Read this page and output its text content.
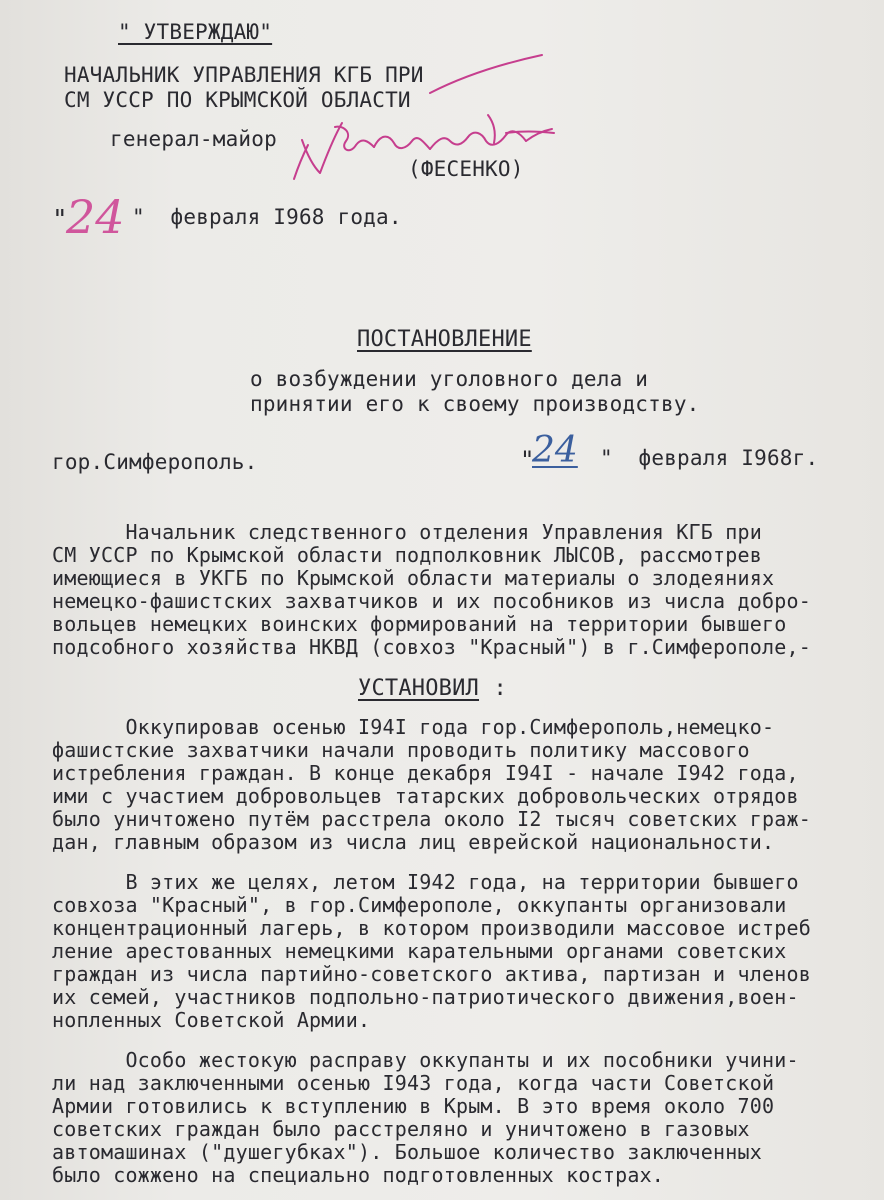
" УТВЕРЖДАЮ"
НАЧАЛЬНИК УПРАВЛЕНИЯ КГБ ПРИ
СМ УССР ПО КРЫМСКОЙ ОБЛАСТИ
генерал-майор
(ФЕСЕНКО)
"
24 "  февраля I968 года.
ПОСТАНОВЛЕНИЕ
о возбуждении уголовного дела и
принятии его к своему производству.
гор.Симферополь.	"
24 "  февраля I968г.
Начальник следственного отделения Управления КГБ при
СМ УССР по Крымской области подполковник ЛЫСОВ, рассмотрев
имеющиеся в УКГБ по Крымской области материалы о злодеяниях
немецко-фашистских захватчиков и их пособников из числа добро-
вольцев немецких воинских формирований на территории бывшего
подсобного хозяйства НКВД (совхоз "Красный") в г.Симферополе,-
УСТАНОВИЛ :
Оккупировав осенью I94I года гор.Симферополь,немецко-
фашистские захватчики начали проводить политику массового
истребления граждан. В конце декабря I94I - начале I942 года,
ими с участием добровольцев татарских добровольческих отрядов
было уничтожено путём расстрела около I2 тысяч советских граж-
дан, главным образом из числа лиц еврейской национальности.
В этих же целях, летом I942 года, на территории бывшего
совхоза "Красный", в гор.Симферополе, оккупанты организовали
концентрационный лагерь, в котором производили массовое истреб
ление арестованных немецкими карательными органами советских
граждан из числа партийно-советского актива, партизан и членов
их семей, участников подпольно-патриотического движения,воен-
нопленных Советской Армии.
Особо жестокую расправу оккупанты и их пособники учини-
ли над заключенными осенью I943 года, когда части Советской
Армии готовились к вступлению в Крым. В это время около 700
советских граждан было расстреляно и уничтожено в газовых
автомашинах ("душегубках"). Большое количество заключенных
было сожжено на специально подготовленных кострах.
